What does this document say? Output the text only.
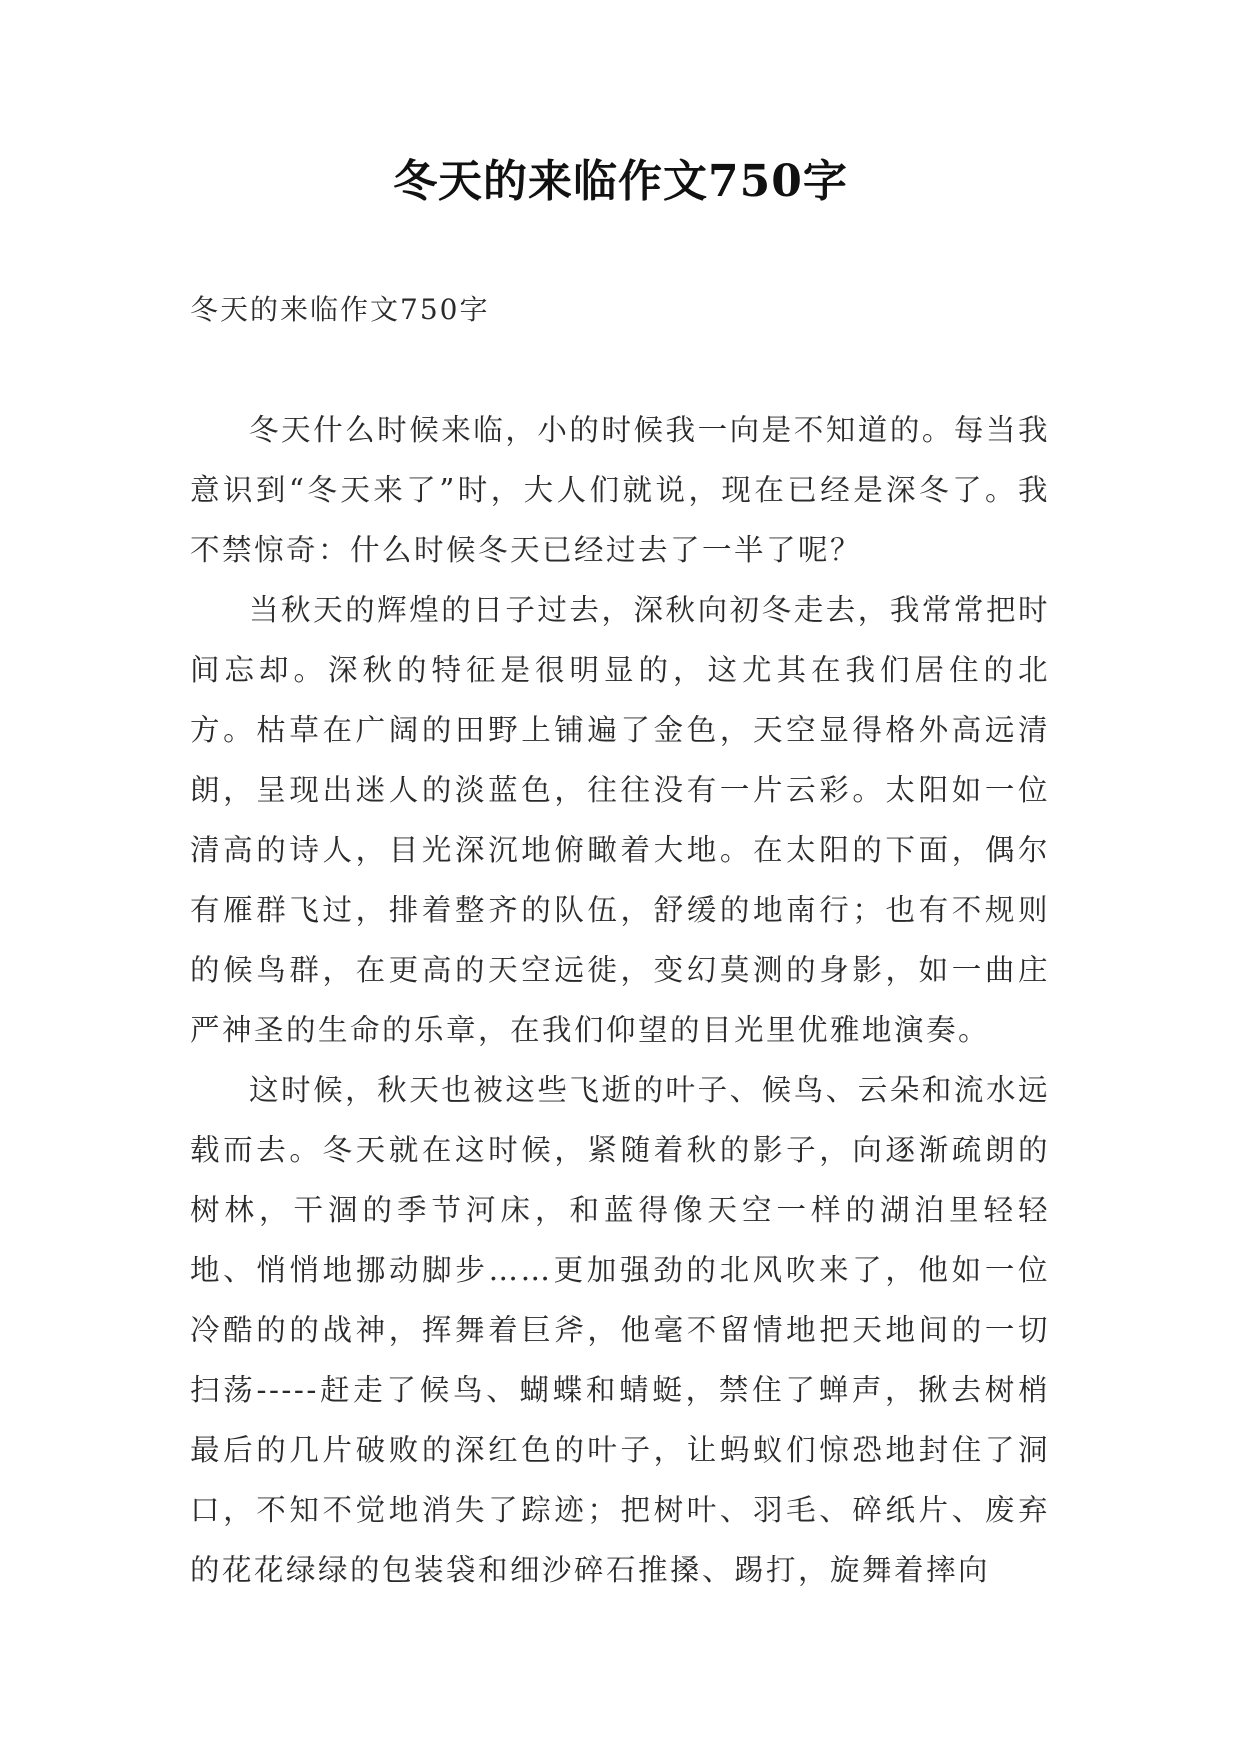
冬天的来临作文750字
冬天的来临作文750字

冬天什么时候来临，小的时候我一向是不知道的。每当我意识到“冬天来了”时，大人们就说，现在已经是深冬了。我不禁惊奇：什么时候冬天已经过去了一半了呢？

当秋天的辉煌的日子过去，深秋向初冬走去，我常常把时间忘却。深秋的特征是很明显的，这尤其在我们居住的北方。枯草在广阔的田野上铺遍了金色，天空显得格外高远清朗，呈现出迷人的淡蓝色，往往没有一片云彩。太阳如一位清高的诗人，目光深沉地俯瞰着大地。在太阳的下面，偶尔有雁群飞过，排着整齐的队伍，舒缓的地南行；也有不规则的候鸟群，在更高的天空远徙，变幻莫测的身影，如一曲庄严神圣的生命的乐章，在我们仰望的目光里优雅地演奏。

这时候，秋天也被这些飞逝的叶子、候鸟、云朵和流水远载而去。冬天就在这时候，紧随着秋的影子，向逐渐疏朗的树林，干涸的季节河床，和蓝得像天空一样的湖泊里轻轻地、悄悄地挪动脚步……更加强劲的北风吹来了，他如一位冷酷的的战神，挥舞着巨斧，他毫不留情地把天地间的一切扫荡-----赶走了候鸟、蝴蝶和蜻蜓，禁住了蝉声，揪去树梢最后的几片破败的深红色的叶子，让蚂蚁们惊恐地封住了洞口，不知不觉地消失了踪迹；把树叶、羽毛、碎纸片、废弃的花花绿绿的包装袋和细沙碎石推搡、踢打，旋舞着摔向
